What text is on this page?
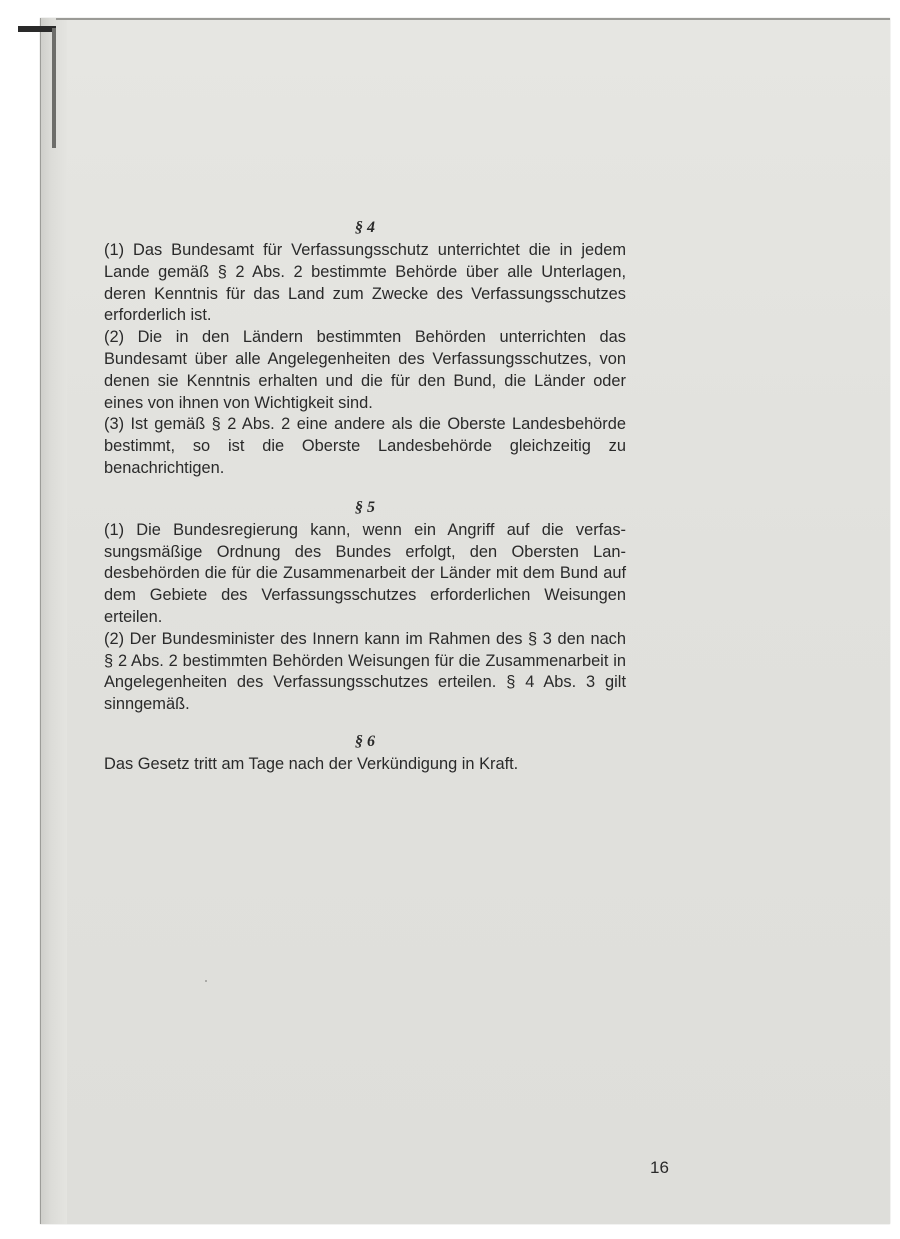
§ 4

(1) Das Bundesamt für Verfassungsschutz unterrichtet die in jedem Lande gemäß § 2 Abs. 2 bestimmte Behörde über alle Unterlagen, deren Kenntnis für das Land zum Zwecke des Verfassungsschutzes erforderlich ist.

(2) Die in den Ländern bestimmten Behörden unterrichten das Bundesamt über alle Angelegenheiten des Verfassungsschutzes, von denen sie Kenntnis erhalten und die für den Bund, die Länder oder eines von ihnen von Wichtigkeit sind.

(3) Ist gemäß § 2 Abs. 2 eine andere als die Oberste Landesbehörde bestimmt, so ist die Oberste Landesbehörde gleichzeitig zu benachrichtigen.

§ 5

(1) Die Bundesregierung kann, wenn ein Angriff auf die verfassungsmäßige Ordnung des Bundes erfolgt, den Obersten Landesbehörden die für die Zusammenarbeit der Länder mit dem Bund auf dem Gebiete des Verfassungsschutzes erforderlichen Weisungen erteilen.

(2) Der Bundesminister des Innern kann im Rahmen des § 3 den nach § 2 Abs. 2 bestimmten Behörden Weisungen für die Zusammenarbeit in Angelegenheiten des Verfassungsschutzes erteilen. § 4 Abs. 3 gilt sinngemäß.

§ 6

Das Gesetz tritt am Tage nach der Verkündigung in Kraft.

16
